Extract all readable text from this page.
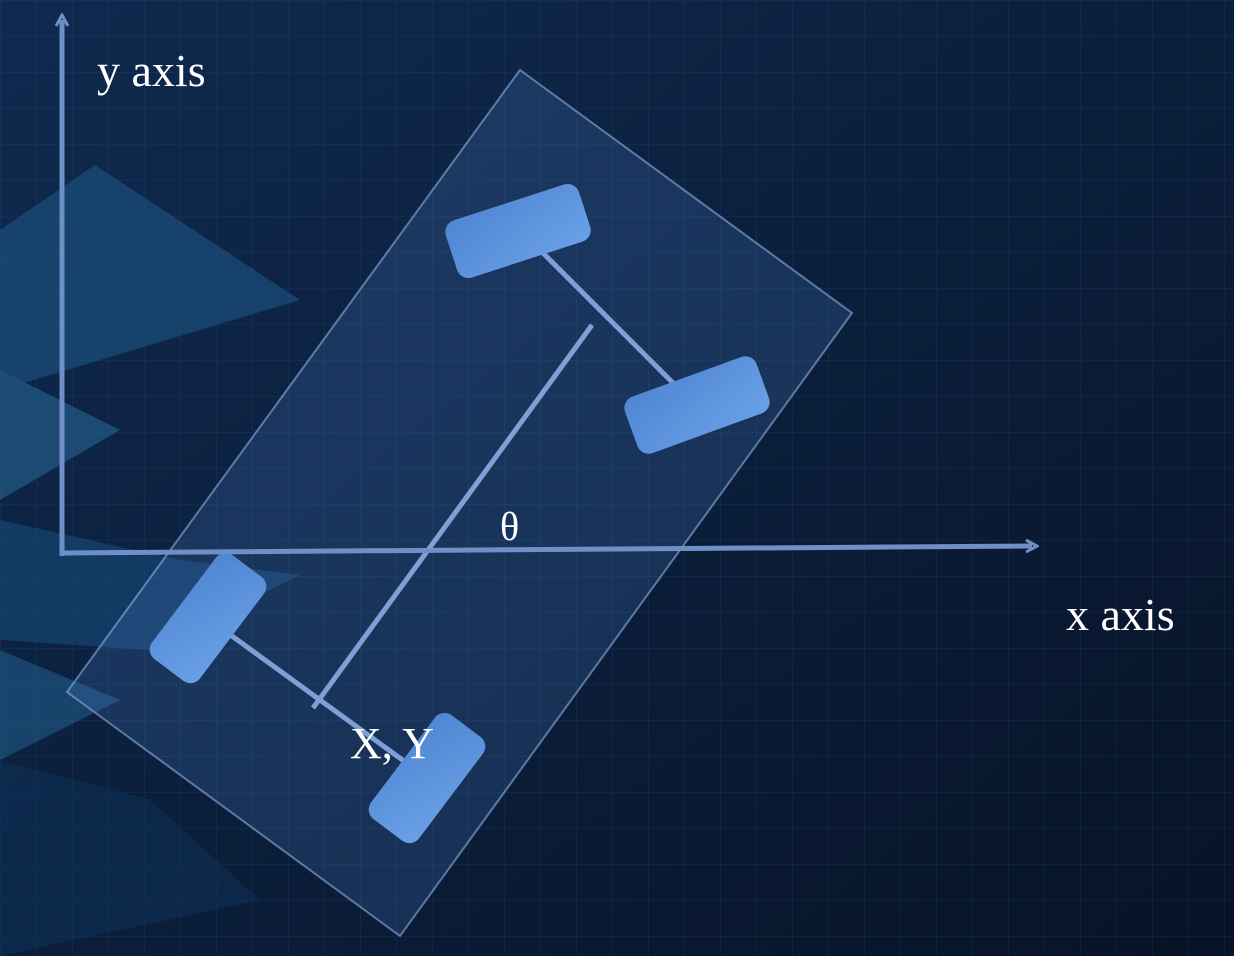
y axis
x axis
θ
X, Y
